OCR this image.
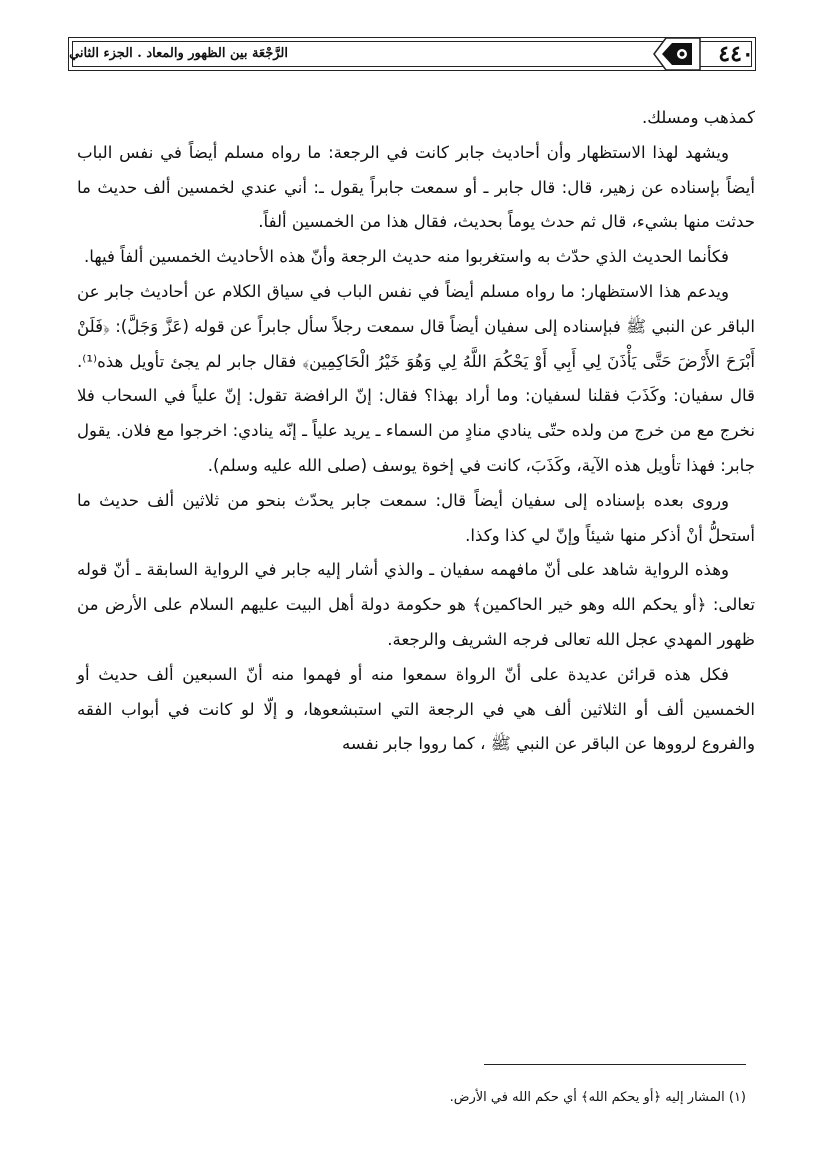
الرَّجْعَة بين الظهور والمعاد . الجزء الثاني	٤٤٠

كمذهب ومسلك.

ويشهد لهذا الاستظهار وأن أحاديث جابر كانت في الرجعة: ما رواه مسلم أيضاً في نفس الباب أيضاً بإسناده عن زهير، قال: قال جابر ـ أو سمعت جابراً يقول ـ: أني عندي لخمسين ألف حديث ما حدثت منها بشيء، قال ثم حدث يوماً بحديث، فقال هذا من الخمسين ألفاً.

فكأنما الحديث الذي حدّث به واستغربوا منه حديث الرجعة وأنّ هذه الأحاديث الخمسين ألفاً فيها.

ويدعم هذا الاستظهار: ما رواه مسلم أيضاً في نفس الباب في سياق الكلام عن أحاديث جابر عن الباقر عن النبي ﷺ فبإسناده إلى سفيان أيضاً قال سمعت رجلاً سأل جابراً عن قوله (عَزَّ وَجَلَّ): ﴿فَلَنْ أَبْرَحَ الأَرْضَ حَتَّى يَأْذَنَ لِي أَبِي أَوْ يَحْكُمَ اللَّهُ لِي وَهُوَ خَيْرُ الْحَاكِمِين﴾ فقال جابر لم يجئ تأويل هذه⁽¹⁾. قال سفيان: وكَذَبَ فقلنا لسفيان: وما أراد بهذا؟ فقال: إنّ الرافضة تقول: إنّ علياً في السحاب فلا نخرج مع من خرج من ولده حتّى ينادي منادٍ من السماء ـ يريد علياً ـ إنّه ينادي: اخرجوا مع فلان. يقول جابر: فهذا تأويل هذه الآية، وكَذَبَ، كانت في إخوة يوسف (صلى الله عليه وسلم).

وروى بعده بإسناده إلى سفيان أيضاً قال: سمعت جابر يحدّث بنحو من ثلاثين ألف حديث ما أستحلُّ أنْ أذكر منها شيئاً وإنّ لي كذا وكذا.

وهذه الرواية شاهد على أنّ مافهمه سفيان ـ والذي أشار إليه جابر في الرواية السابقة ـ أنّ قوله تعالى: ﴿أو يحكم الله وهو خير الحاكمين﴾ هو حكومة دولة أهل البيت عليهم السلام على الأرض من ظهور المهدي عجل الله تعالى فرجه الشريف والرجعة.

فكل هذه قرائن عديدة على أنّ الرواة سمعوا منه أو فهموا منه أنّ السبعين ألف حديث أو الخمسين ألف أو الثلاثين ألف هي في الرجعة التي استبشعوها، و إلّا لو كانت في أبواب الفقه والفروع لرووها عن الباقر عن النبي ﷺ ، كما رووا جابر نفسه

(١) المشار إليه ﴿أو يحكم الله﴾ أي حكم الله في الأرض.
